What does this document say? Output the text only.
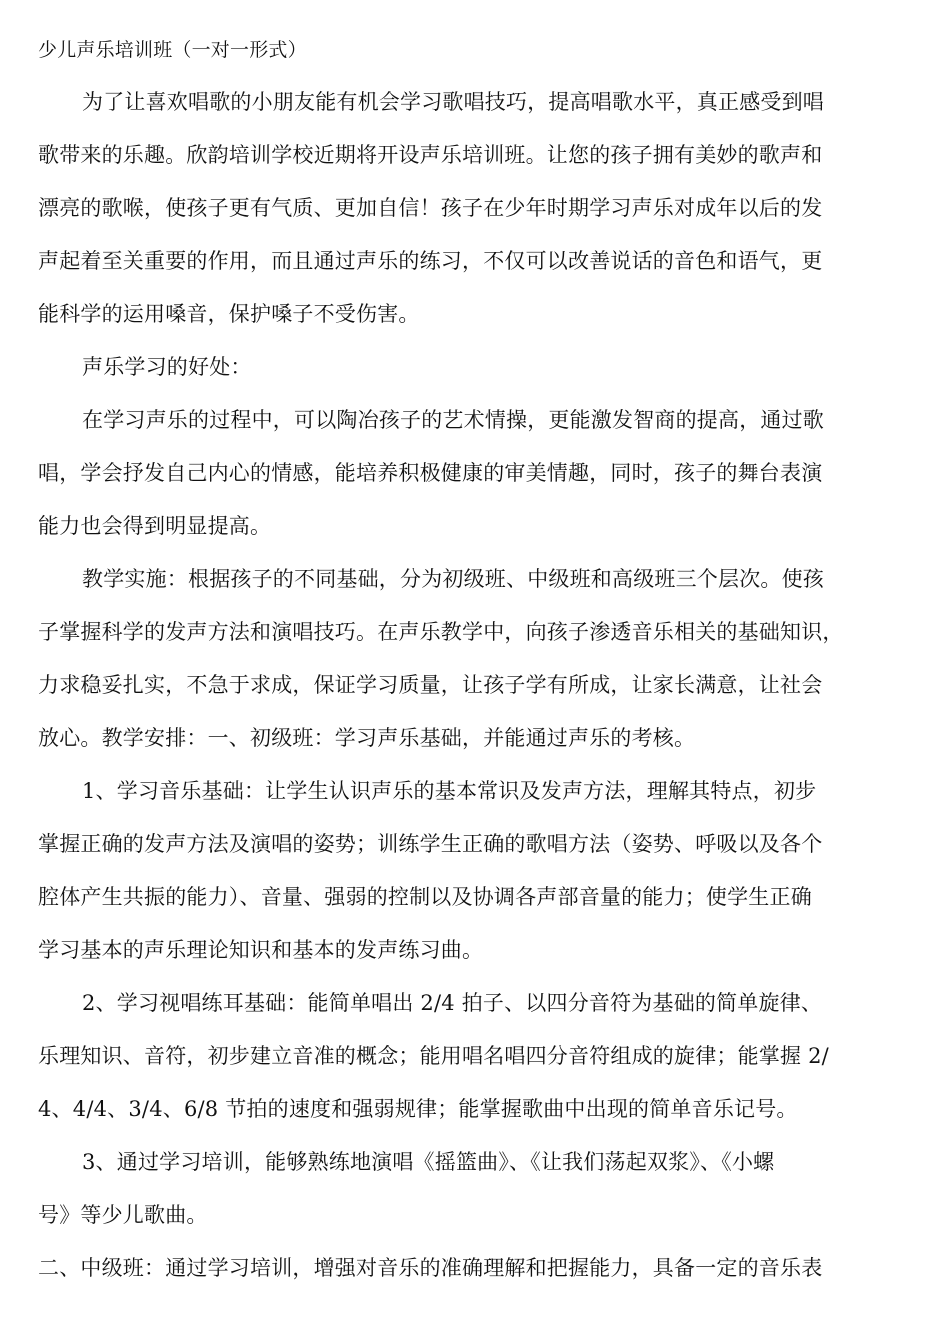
少儿声乐培训班（一对一形式）
为了让喜欢唱歌的小朋友能有机会学习歌唱技巧，提高唱歌水平，真正感受到唱
歌带来的乐趣。欣韵培训学校近期将开设声乐培训班。让您的孩子拥有美妙的歌声和
漂亮的歌喉，使孩子更有气质、更加自信！孩子在少年时期学习声乐对成年以后的发
声起着至关重要的作用，而且通过声乐的练习，不仅可以改善说话的音色和语气，更
能科学的运用嗓音，保护嗓子不受伤害。
声乐学习的好处：
在学习声乐的过程中，可以陶冶孩子的艺术情操，更能激发智商的提高，通过歌
唱，学会抒发自己内心的情感，能培养积极健康的审美情趣，同时，孩子的舞台表演
能力也会得到明显提高。
教学实施：根据孩子的不同基础，分为初级班、中级班和高级班三个层次。使孩
子掌握科学的发声方法和演唱技巧。在声乐教学中，向孩子渗透音乐相关的基础知识，
力求稳妥扎实，不急于求成，保证学习质量，让孩子学有所成，让家长满意，让社会
放心。教学安排：一、初级班：学习声乐基础，并能通过声乐的考核。
1、学习音乐基础：让学生认识声乐的基本常识及发声方法，理解其特点，初步
掌握正确的发声方法及演唱的姿势；训练学生正确的歌唱方法（姿势、呼吸以及各个
腔体产生共振的能力）、音量、强弱的控制以及协调各声部音量的能力；使学生正确
学习基本的声乐理论知识和基本的发声练习曲。
2、学习视唱练耳基础：能简单唱出 2/4 拍子、以四分音符为基础的简单旋律、
乐理知识、音符，初步建立音准的概念；能用唱名唱四分音符组成的旋律；能掌握 2/
4、4/4、3/4、6/8 节拍的速度和强弱规律；能掌握歌曲中出现的简单音乐记号。
3、通过学习培训，能够熟练地演唱《摇篮曲》、《让我们荡起双浆》、《小螺
号》等少儿歌曲。
二、中级班：通过学习培训，增强对音乐的准确理解和把握能力，具备一定的音乐表
